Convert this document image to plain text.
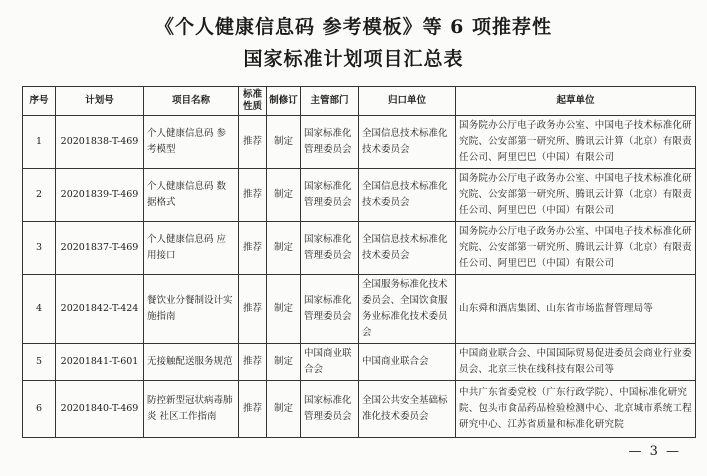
《个人健康信息码 参考模板》等 6 项推荐性
国家标准计划项目汇总表
序号	计划号	项目名称	标准性质	制修订	主管部门	归口单位	起草单位
1	20201838-T-469	个人健康信息码 参考模型	推荐	制定	国家标准化管理委员会	全国信息技术标准化技术委员会	国务院办公厅电子政务办公室、中国电子技术标准化研究院、公安部第一研究所、腾讯云计算（北京）有限责任公司、阿里巴巴（中国）有限公司
2	20201839-T-469	个人健康信息码 数据格式	推荐	制定	国家标准化管理委员会	全国信息技术标准化技术委员会	国务院办公厅电子政务办公室、中国电子技术标准化研究院、公安部第一研究所、腾讯云计算（北京）有限责任公司、阿里巴巴（中国）有限公司
3	20201837-T-469	个人健康信息码 应用接口	推荐	制定	国家标准化管理委员会	全国信息技术标准化技术委员会	国务院办公厅电子政务办公室、中国电子技术标准化研究院、公安部第一研究所、腾讯云计算（北京）有限责任公司、阿里巴巴（中国）有限公司
4	20201842-T-424	餐饮业分餐制设计实施指南	推荐	制定	国家标准化管理委员会	全国服务标准化技术委员会、全国饮食服务业标准化技术委员会	山东舜和酒店集团、山东省市场监督管理局等
5	20201841-T-601	无接触配送服务规范	推荐	制定	中国商业联合会	中国商业联合会	中国商业联合会、中国国际贸易促进委员会商业行业委员会、北京三快在线科技有限公司等
6	20201840-T-469	防控新型冠状病毒肺炎 社区工作指南	推荐	制定	国家标准化管理委员会	全国公共安全基础标准化技术委员会	中共广东省委党校（广东行政学院）、中国标准化研究院、包头市食品药品检验检测中心、北京城市系统工程研究中心、江苏省质量和标准化研究院
— 3 —
